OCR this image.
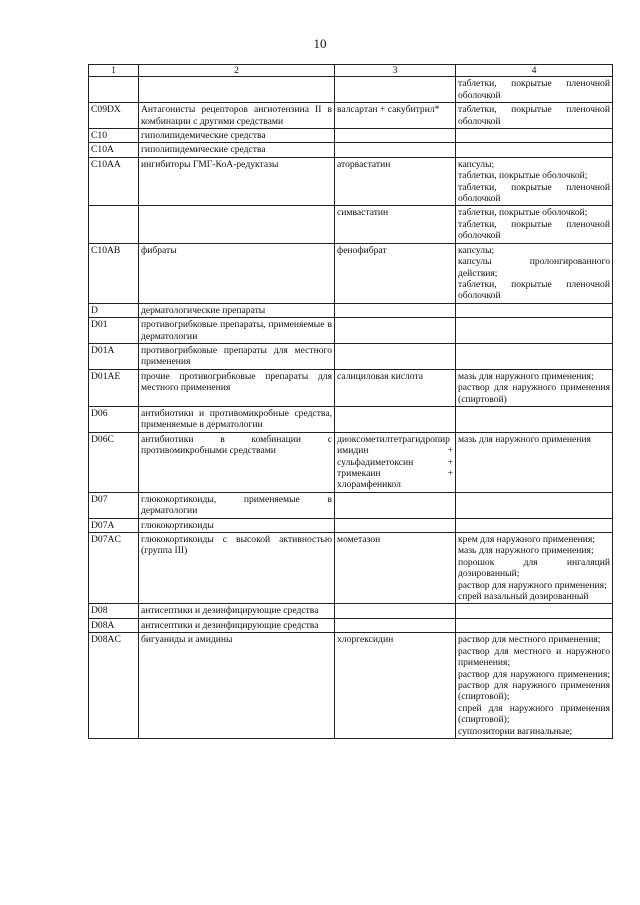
10
1	2	3	4

			таблетки, покрытые пленочной оболочкой

C09DX	Антагонисты рецепторов ангиотензина II в комбинации с другими средствами	валсартан + сакубитрил*	таблетки, покрытые пленочной оболочкой

C10	гиполипидемические средства		
C10A	гиполипидемические средства		
C10AA	ингибиторы ГМГ-КоА-редуктазы	аторвастатин	капсулы;
таблетки, покрытые оболочкой;
таблетки, покрытые пленочной оболочкой

		симвастатин	таблетки, покрытые оболочкой;
таблетки, покрытые пленочной оболочкой

C10AB	фибраты	фенофибрат	капсулы;
капсулы пролонгированного действия;
таблетки, покрытые пленочной оболочкой

D	дерматологические препараты		
D01	противогрибковые препараты, применяемые в дерматологии		
D01A	противогрибковые препараты для местного применения		
D01AE	прочие противогрибковые препараты для местного применения	салициловая кислота	мазь для наружного применения;
раствор для наружного применения (спиртовой)

D06	антибиотики и противомикробные средства, применяемые в дерматологии		
D06C	антибиотики в комбинации с противомикробными средствами	диоксометилтетрагидропиримидин + сульфадиметоксин + тримекаин + хлорамфеникол	мазь для наружного применения

D07	глюкокортикоиды, применяемые в дерматологии		
D07A	глюкокортикоиды		
D07AC	глюкокортикоиды с высокой активностью (группа III)	мометазон	крем для наружного применения;
мазь для наружного применения;
порошок для ингаляций дозированный;
раствор для наружного применения;
спрей назальный дозированный

D08	антисептики и дезинфицирующие средства		
D08A	антисептики и дезинфицирующие средства		
D08AC	бигуаниды и амидины	хлоргексидин	раствор для местного применения;
раствор для местного и наружного применения;
раствор для наружного применения; раствор для наружного применения (спиртовой);
спрей для наружного применения (спиртовой);
суппозитории вагинальные;
